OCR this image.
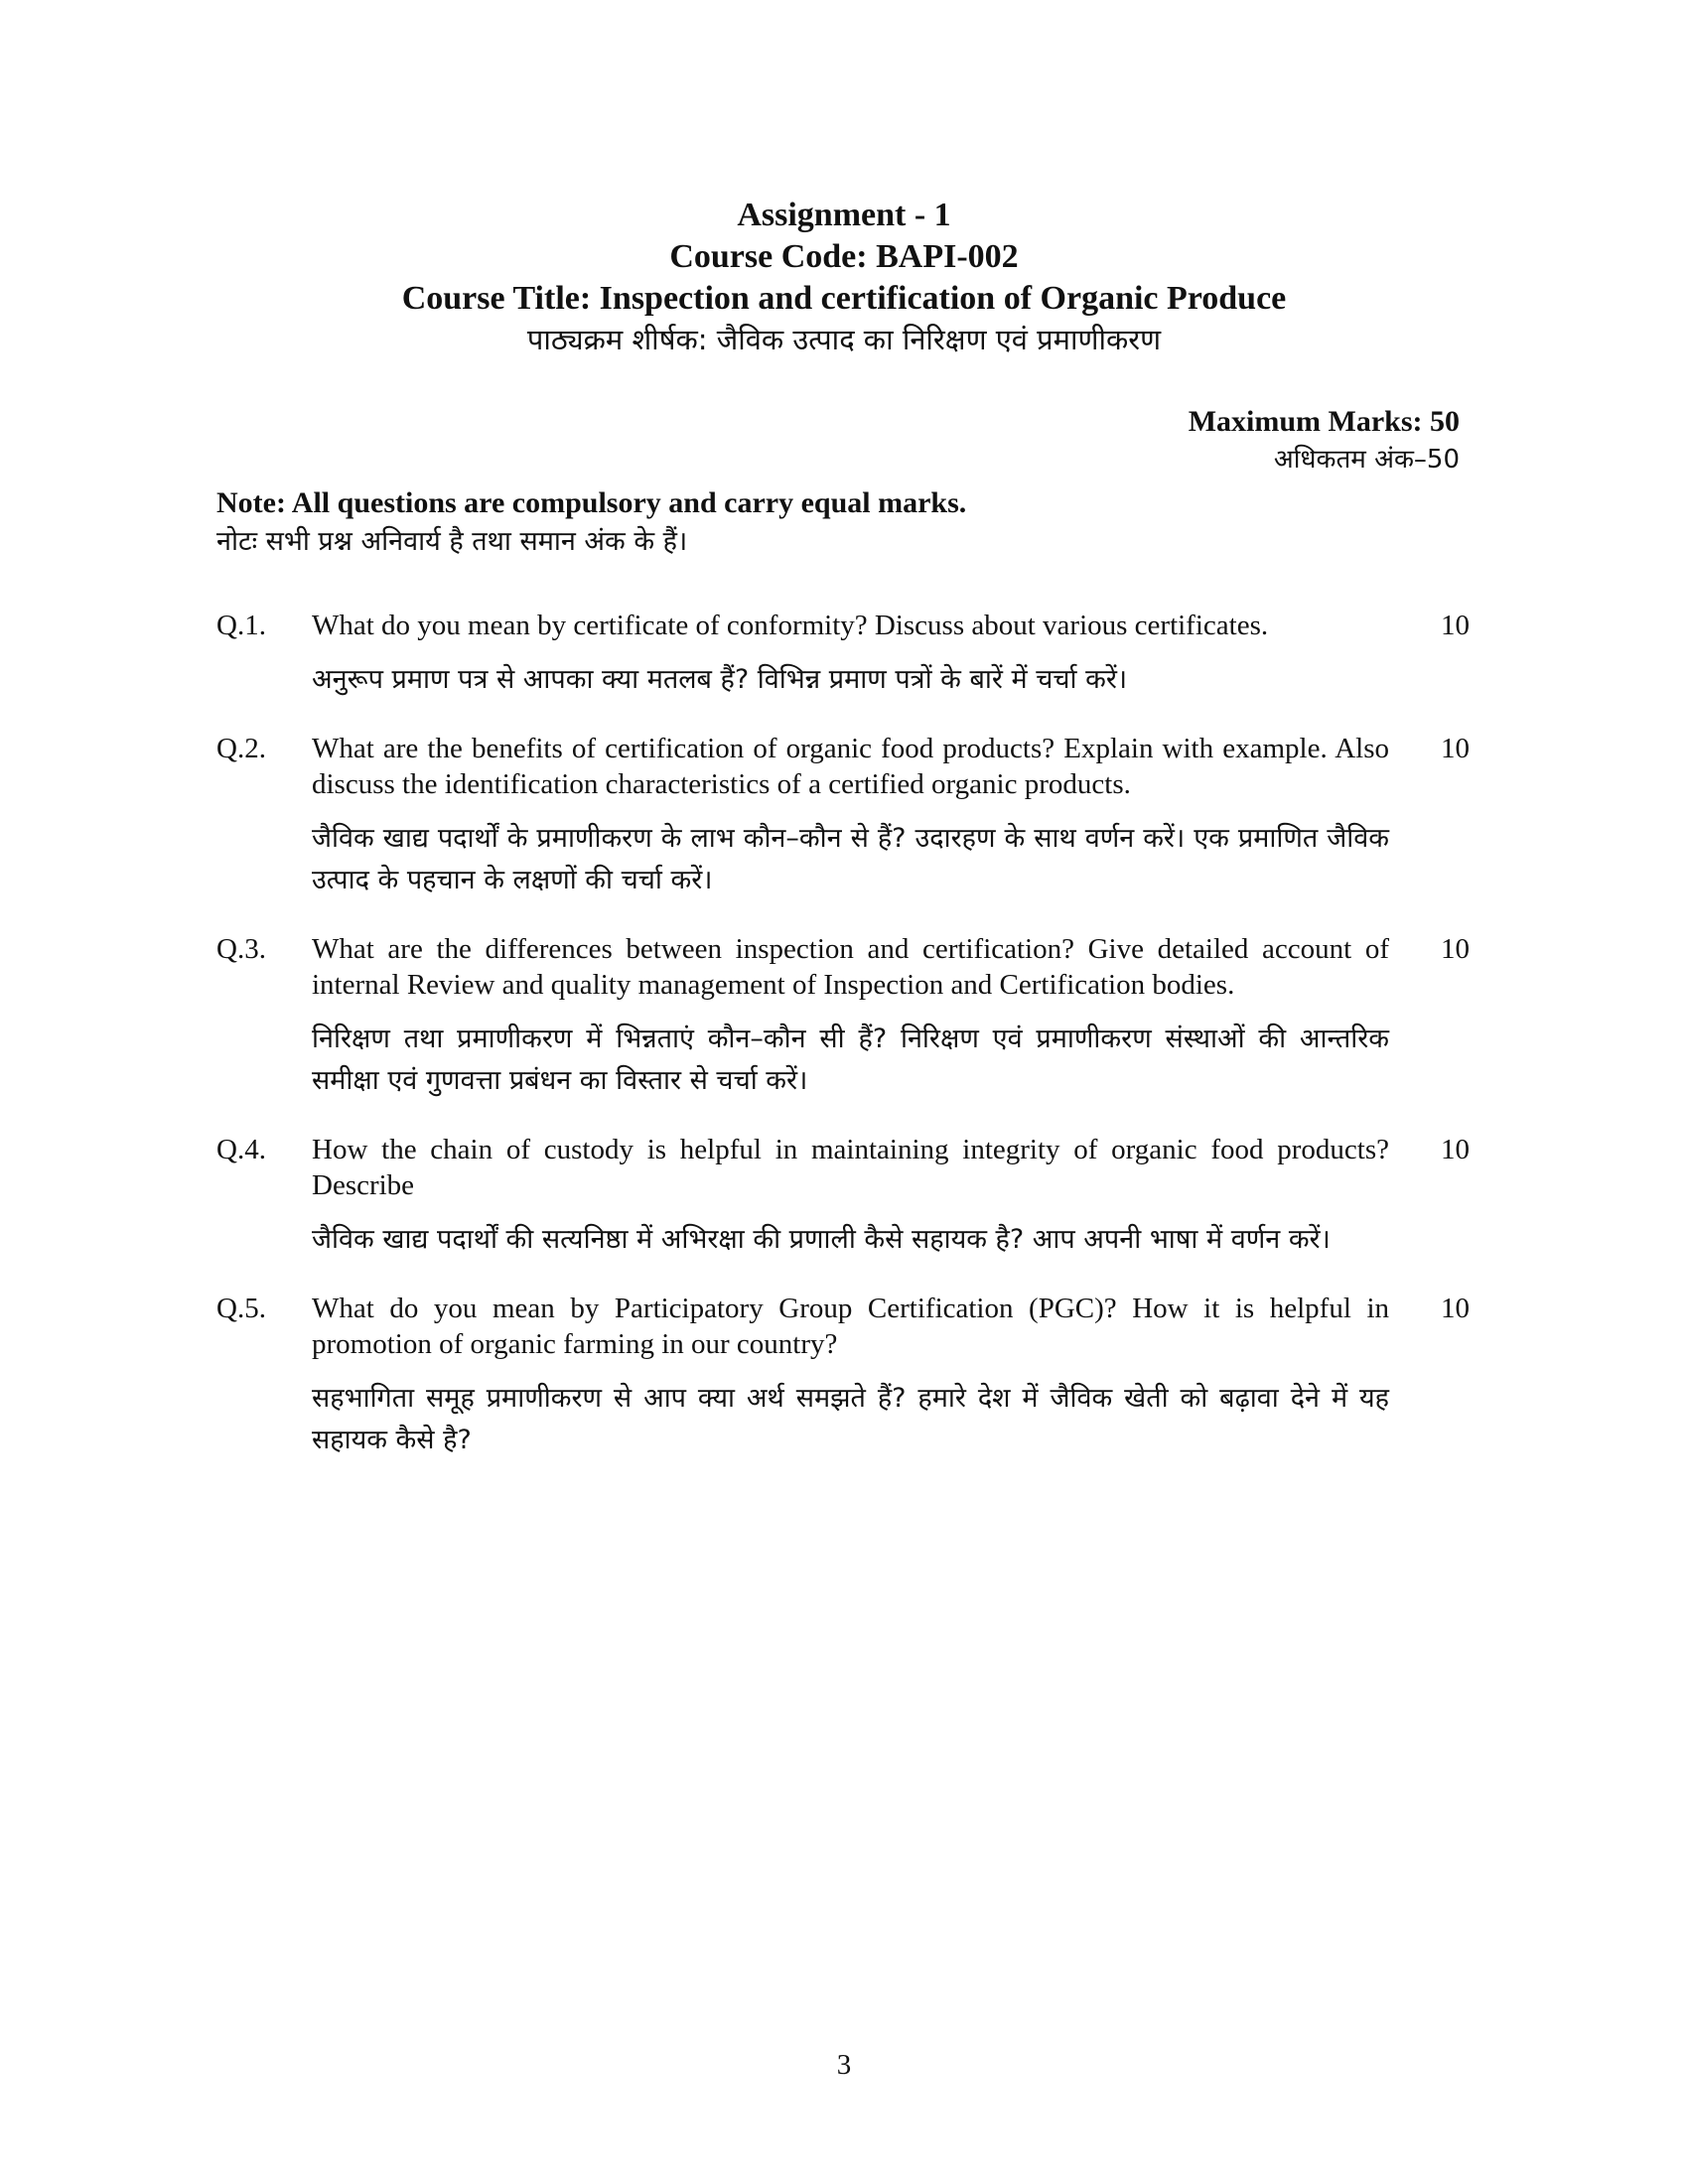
Assignment - 1
Course Code: BAPI-002
Course Title: Inspection and certification of Organic Produce
पाठ्यक्रम शीर्षक: जैविक उत्पाद का निरिक्षण एवं प्रमाणीकरण
Maximum Marks: 50
अधिकतम अंक–50
Note: All questions are compulsory and carry equal marks.
नोटः सभी प्रश्न अनिवार्य है तथा समान अंक के हैं।
Q.1.	10
What do you mean by certificate of conformity? Discuss about various certificates.
अनुरूप प्रमाण पत्र से आपका क्या मतलब हैं? विभिन्न प्रमाण पत्रों के बारें में चर्चा करें।
Q.2.	10
What are the benefits of certification of organic food products? Explain with example. Also discuss the identification characteristics of a certified organic products.
जैविक खाद्य पदार्थों के प्रमाणीकरण के लाभ कौन–कौन से हैं? उदारहण के साथ वर्णन करें। एक प्रमाणित जैविक उत्पाद के पहचान के लक्षणों की चर्चा करें।
Q.3.	10
What are the differences between inspection and certification? Give detailed account of internal Review and quality management of Inspection and Certification bodies.
निरिक्षण तथा प्रमाणीकरण में भिन्नताएं कौन–कौन सी हैं? निरिक्षण एवं प्रमाणीकरण संस्थाओं की आन्तरिक समीक्षा एवं गुणवत्ता प्रबंधन का विस्तार से चर्चा करें।
Q.4.	10
How the chain of custody is helpful in maintaining integrity of organic food products? Describe
जैविक खाद्य पदार्थों की सत्यनिष्ठा में अभिरक्षा की प्रणाली कैसे सहायक है? आप अपनी भाषा में वर्णन करें।
Q.5.	10
What do you mean by Participatory Group Certification (PGC)? How it is helpful in promotion of organic farming in our country?
सहभागिता समूह प्रमाणीकरण से आप क्या अर्थ समझते हैं? हमारे देश में जैविक खेती को बढ़ावा देने में यह सहायक कैसे है?
3
